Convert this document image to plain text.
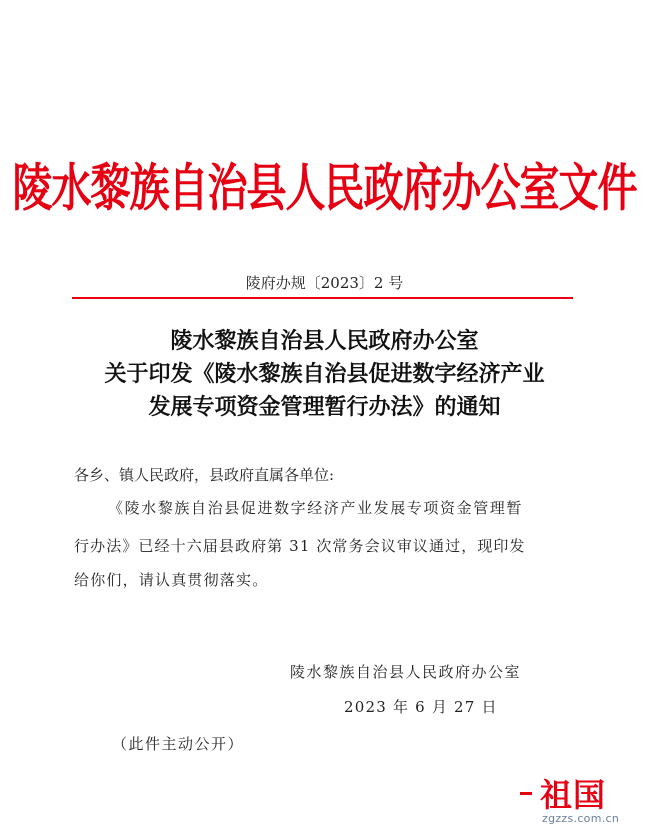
陵水黎族自治县人民政府办公室文件
陵府办规〔2023〕2 号
陵水黎族自治县人民政府办公室
关于印发《陵水黎族自治县促进数字经济产业
发展专项资金管理暂行办法》的通知
各乡、镇人民政府，县政府直属各单位:
《陵水黎族自治县促进数字经济产业发展专项资金管理暂
行办法》已经十六届县政府第 31 次常务会议审议通过，现印发
给你们，请认真贯彻落实。
陵水黎族自治县人民政府办公室
2023 年 6 月 27 日
（此件主动公开）
祖国
zgzzs.com.cn
